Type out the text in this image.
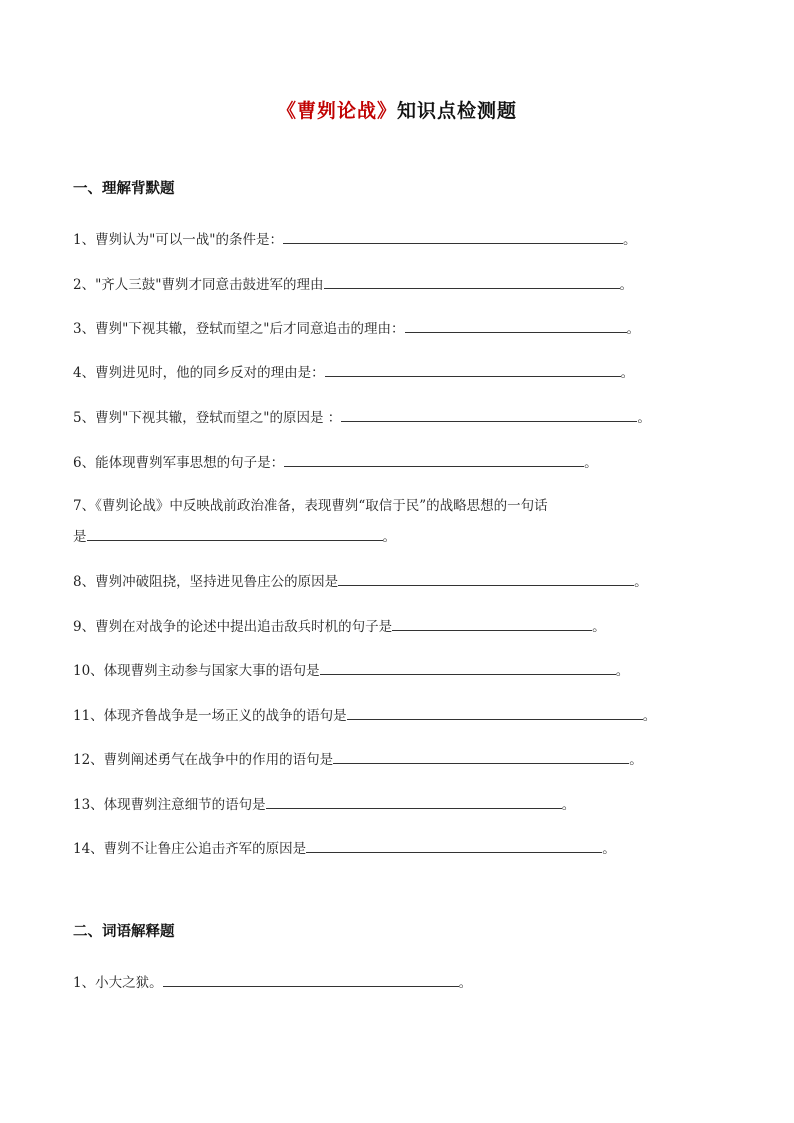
《曹刿论战》知识点检测题
一、理解背默题
1、曹刿认为"可以一战"的条件是：	。
2、"齐人三鼓"曹刿才同意击鼓进军的理由	。
3、曹刿"下视其辙，登轼而望之"后才同意追击的理由：	。
4、曹刿进见时，他的同乡反对的理由是：	。
5、曹刿"下视其辙，登轼而望之"的原因是 ：	。
6、能体现曹刿军事思想的句子是：	。
7、《曹刿论战》中反映战前政治准备，表现曹刿“取信于民”的战略思想的一句话
是	。
8、曹刿冲破阻挠，坚持进见鲁庄公的原因是	。
9、曹刿在对战争的论述中提出追击敌兵时机的句子是	。
10、体现曹刿主动参与国家大事的语句是	。
11、体现齐鲁战争是一场正义的战争的语句是	。
12、曹刿阐述勇气在战争中的作用的语句是	。
13、体现曹刿注意细节的语句是	。
14、曹刿不让鲁庄公追击齐军的原因是	。
二、词语解释题
1、小大之狱。	。
